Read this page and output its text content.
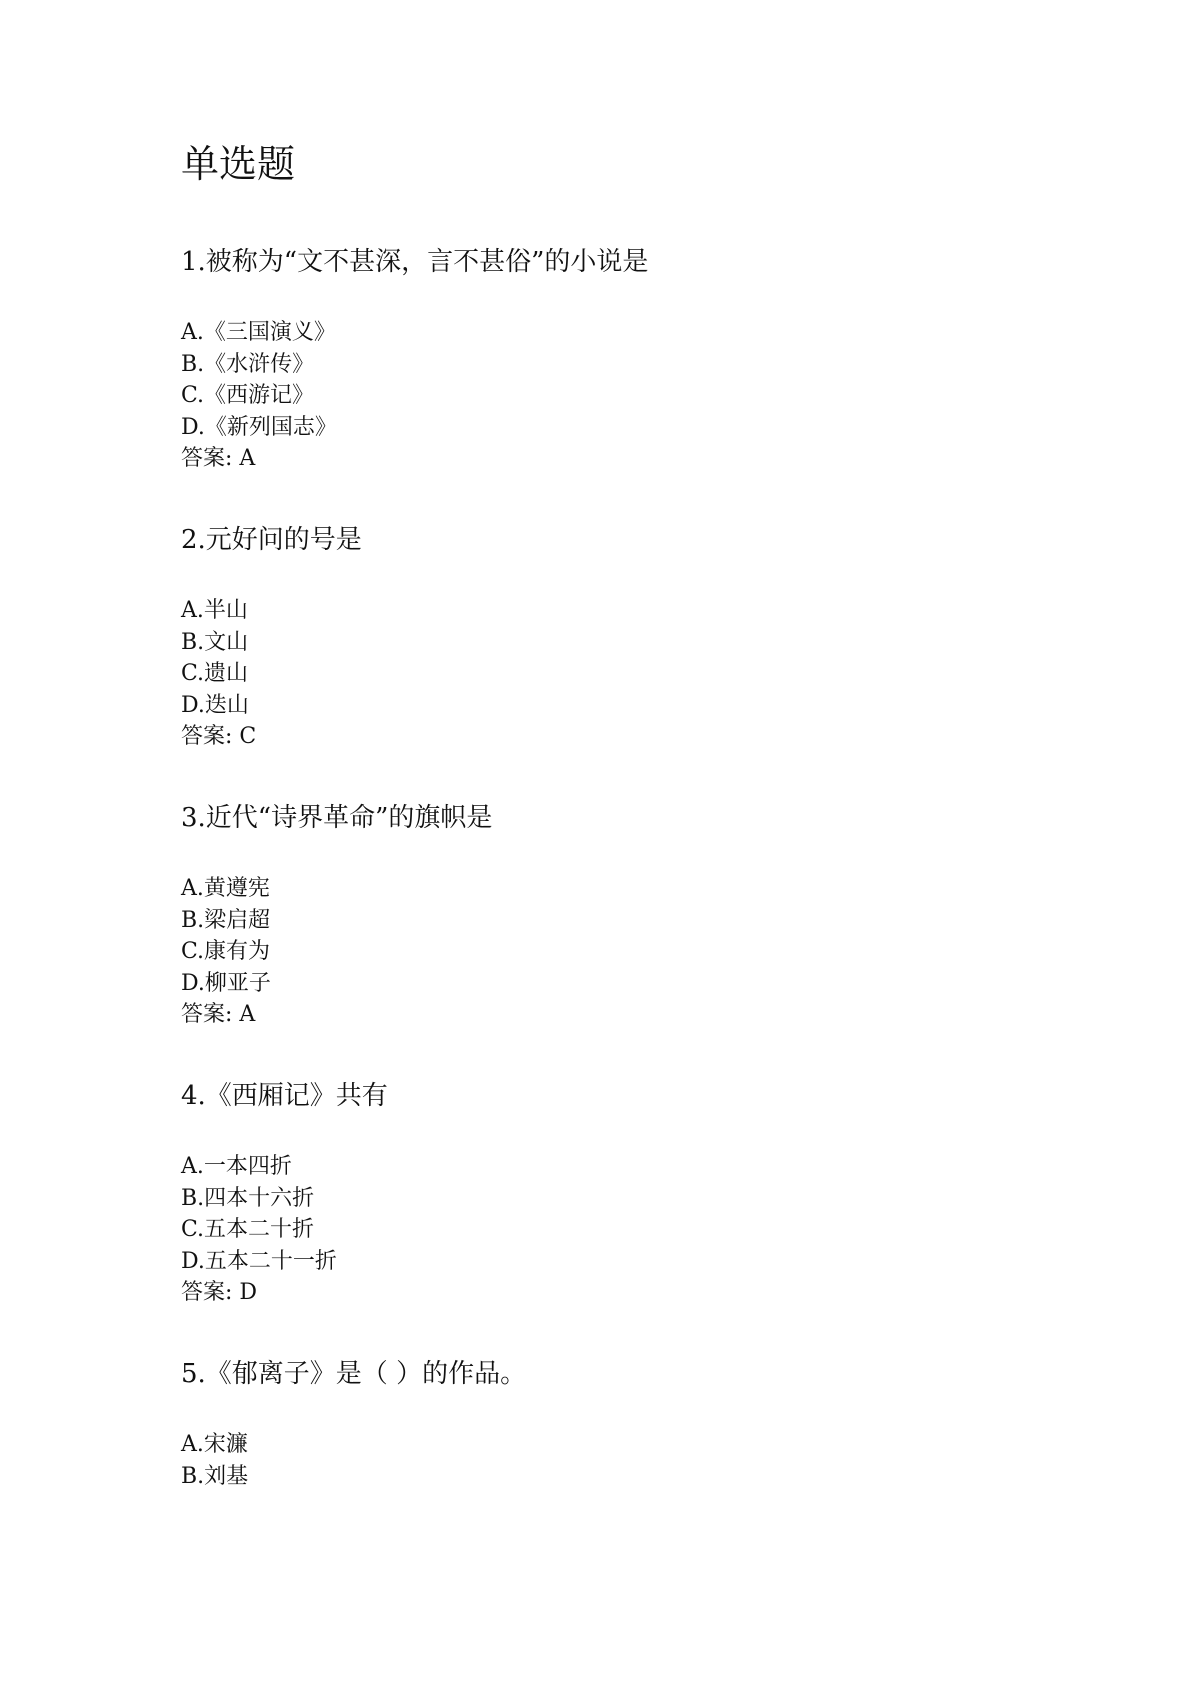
单选题
1.被称为“文不甚深，言不甚俗”的小说是
A.《三国演义》
B.《水浒传》
C.《西游记》
D.《新列国志》
答案: A
2.元好问的号是
A.半山
B.文山
C.遗山
D.迭山
答案: C
3.近代“诗界革命”的旗帜是
A.黄遵宪
B.梁启超
C.康有为
D.柳亚子
答案: A
4.《西厢记》共有
A.一本四折
B.四本十六折
C.五本二十折
D.五本二十一折
答案: D
5.《郁离子》是（ ）的作品。
A.宋濂
B.刘基
